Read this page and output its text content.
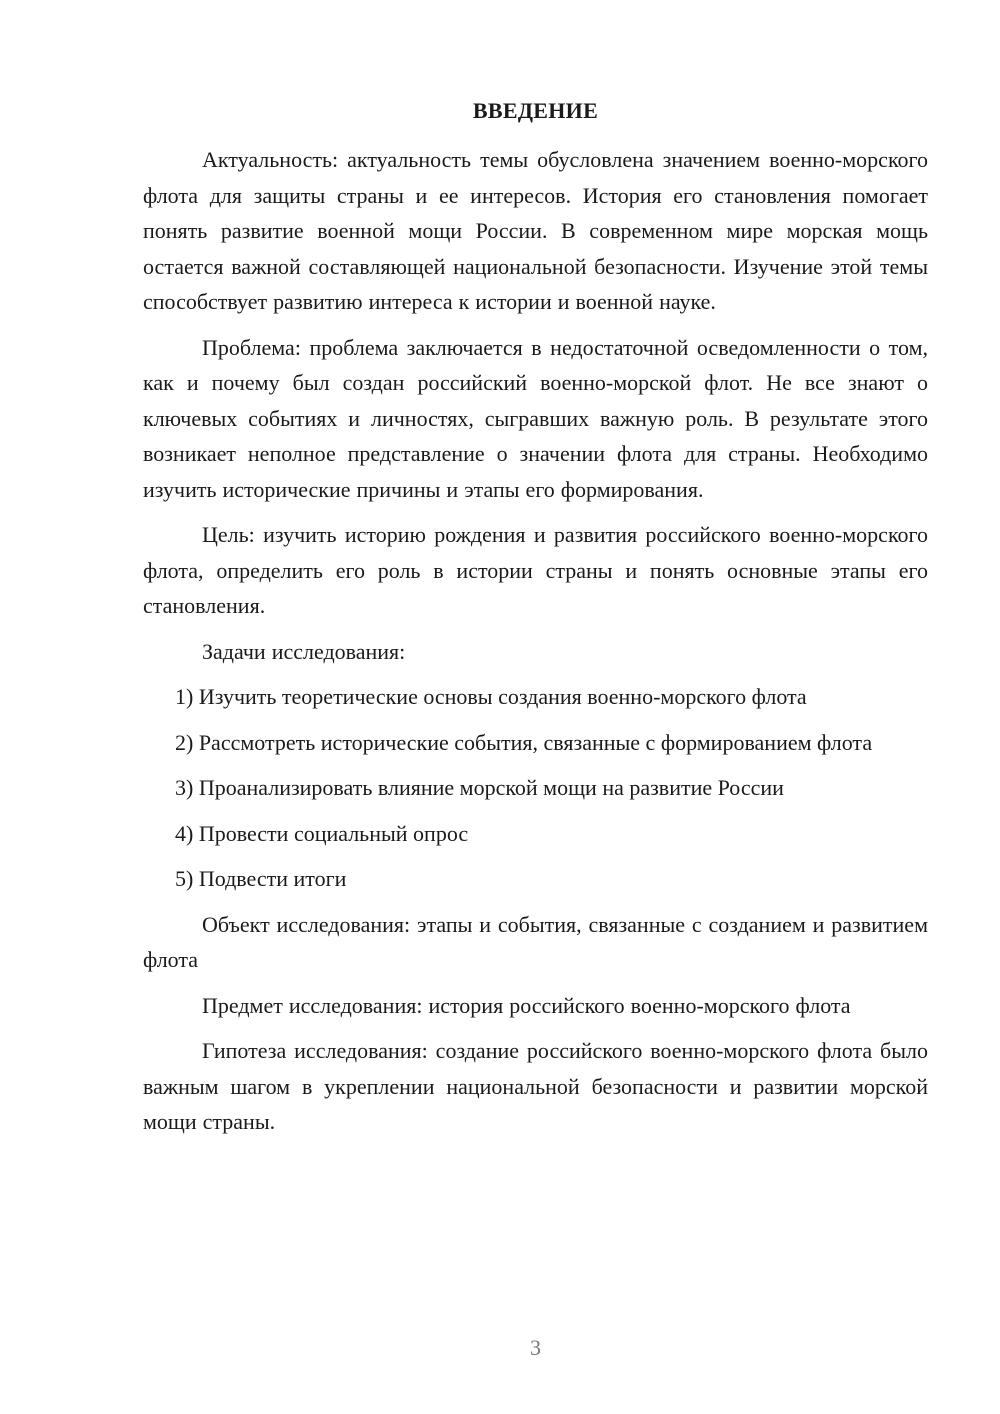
ВВЕДЕНИЕ

Актуальность: актуальность темы обусловлена значением военно-морского флота для защиты страны и ее интересов. История его становления помогает понять развитие военной мощи России. В современном мире морская мощь остается важной составляющей национальной безопасности. Изучение этой темы способствует развитию интереса к истории и военной науке.

Проблема: проблема заключается в недостаточной осведомленности о том, как и почему был создан российский военно-морской флот. Не все знают о ключевых событиях и личностях, сыгравших важную роль. В результате этого возникает неполное представление о значении флота для страны. Необходимо изучить исторические причины и этапы его формирования.

Цель: изучить историю рождения и развития российского военно-морского флота, определить его роль в истории страны и понять основные этапы его становления.

Задачи исследования:

1) Изучить теоретические основы создания военно-морского флота

2) Рассмотреть исторические события, связанные с формированием флота

3) Проанализировать влияние морской мощи на развитие России

4) Провести социальный опрос

5) Подвести итоги

Объект исследования: этапы и события, связанные с созданием и развитием флота

Предмет исследования: история российского военно-морского флота

Гипотеза исследования: создание российского военно-морского флота было важным шагом в укреплении национальной безопасности и развитии морской мощи страны.

3
